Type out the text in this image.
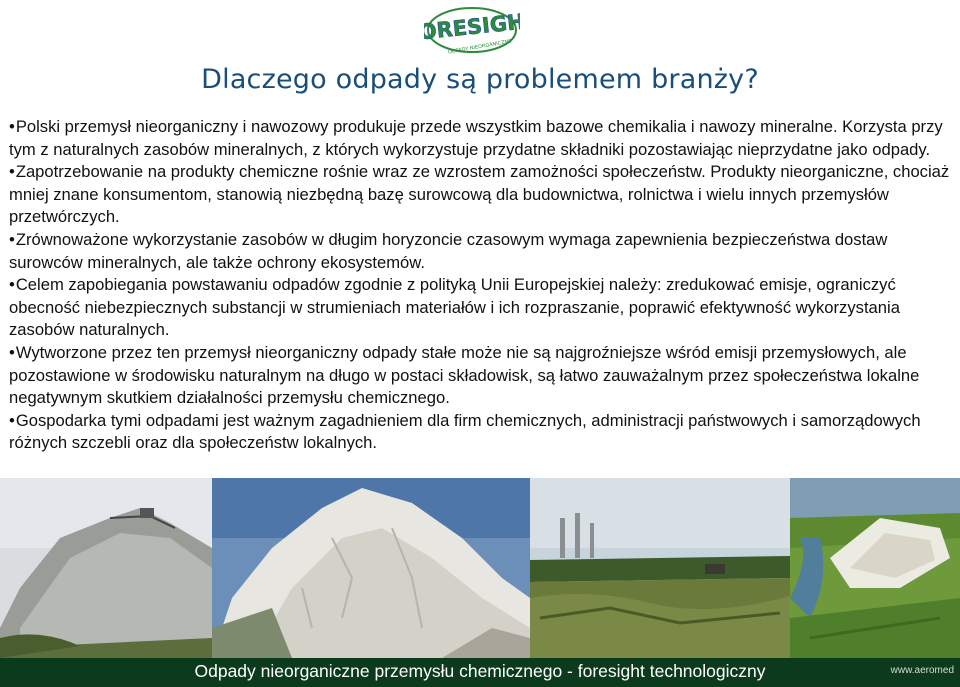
FORESIGHT
ODPADY NIEORGANICZNE
Dlaczego odpady są problemem branży?

•Polski przemysł nieorganiczny i nawozowy produkuje przede wszystkim bazowe chemikalia i nawozy mineralne. Korzysta przy tym z naturalnych zasobów mineralnych, z których wykorzystuje przydatne składniki pozostawiając nieprzydatne jako odpady.

•Zapotrzebowanie na produkty chemiczne rośnie wraz ze wzrostem zamożności społeczeństw. Produkty nieorganiczne, chociaż mniej znane konsumentom, stanowią niezbędną bazę surowcową dla budownictwa, rolnictwa i wielu innych przemysłów przetwórczych.

•Zrównoważone wykorzystanie zasobów w długim horyzoncie czasowym wymaga zapewnienia bezpieczeństwa dostaw surowców mineralnych, ale także ochrony ekosystemów.

•Celem zapobiegania powstawaniu odpadów zgodnie z polityką Unii Europejskiej należy: zredukować emisje, ograniczyć obecność niebezpiecznych substancji w strumieniach materiałów i ich rozpraszanie, poprawić efektywność wykorzystania zasobów naturalnych.

•Wytworzone przez ten przemysł nieorganiczny odpady stałe może nie są najgroźniejsze wśród emisji przemysłowych, ale pozostawione w środowisku naturalnym na długo w postaci składowisk, są łatwo zauważalnym przez społeczeństwa lokalne negatywnym skutkiem działalności przemysłu chemicznego.

•Gospodarka tymi odpadami jest ważnym zagadnieniem dla firm chemicznych, administracji państwowych i samorządowych różnych szczebli oraz dla społeczeństw lokalnych.

Odpady nieorganiczne przemysłu chemicznego - foresight technologiczny	www.aeromed
